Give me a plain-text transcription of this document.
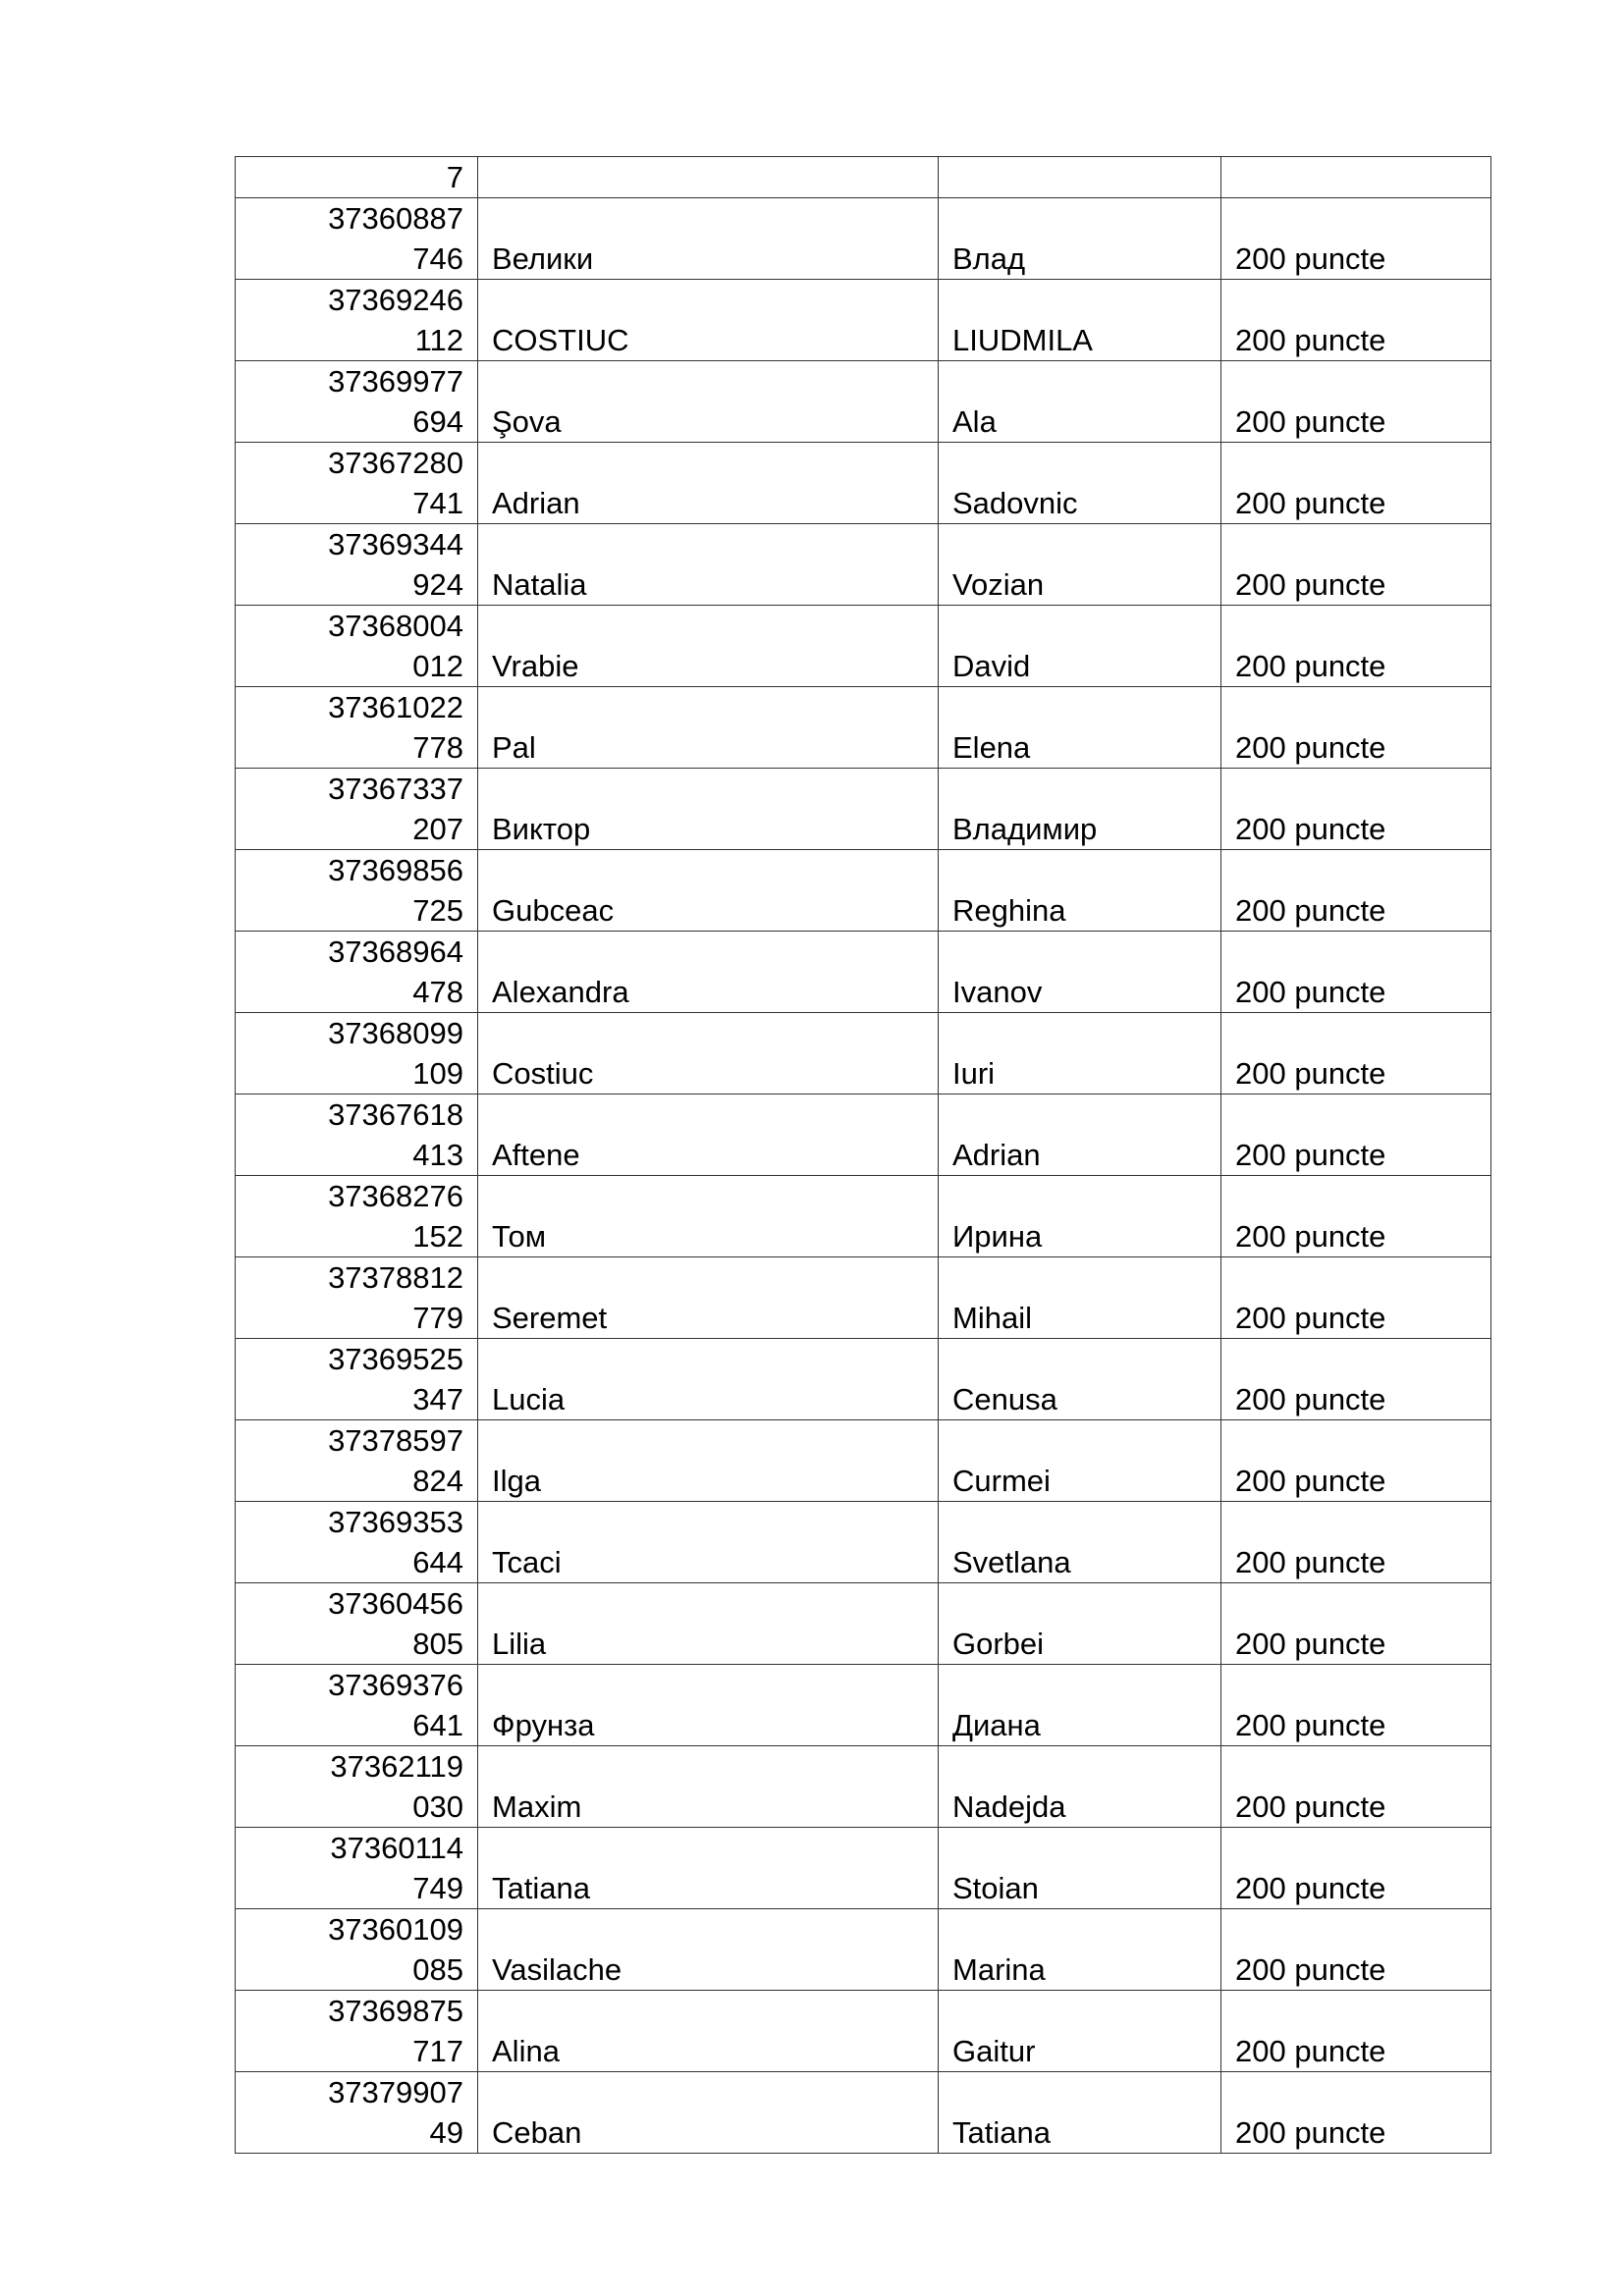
7			
37360887746	Велики	Влад	200 puncte
37369246112	COSTIUC	LIUDMILA	200 puncte
37369977694	Şova	Ala	200 puncte
37367280741	Adrian	Sadovnic	200 puncte
37369344924	Natalia	Vozian	200 puncte
37368004012	Vrabie	David	200 puncte
37361022778	Pal	Elena	200 puncte
37367337207	Виктор	Владимир	200 puncte
37369856725	Gubceac	Reghina	200 puncte
37368964478	Alexandra	Ivanov	200 puncte
37368099109	Costiuc	Iuri	200 puncte
37367618413	Aftene	Adrian	200 puncte
37368276152	Том	Ирина	200 puncte
37378812779	Seremet	Mihail	200 puncte
37369525347	Lucia	Cenusa	200 puncte
37378597824	Ilga	Curmei	200 puncte
37369353644	Tcaci	Svetlana	200 puncte
37360456805	Lilia	Gorbei	200 puncte
37369376641	Фрунза	Диана	200 puncte
37362119030	Maxim	Nadejda	200 puncte
37360114749	Tatiana	Stoian	200 puncte
37360109085	Vasilache	Marina	200 puncte
37369875717	Alina	Gaitur	200 puncte
3737990749	Ceban	Tatiana	200 puncte
